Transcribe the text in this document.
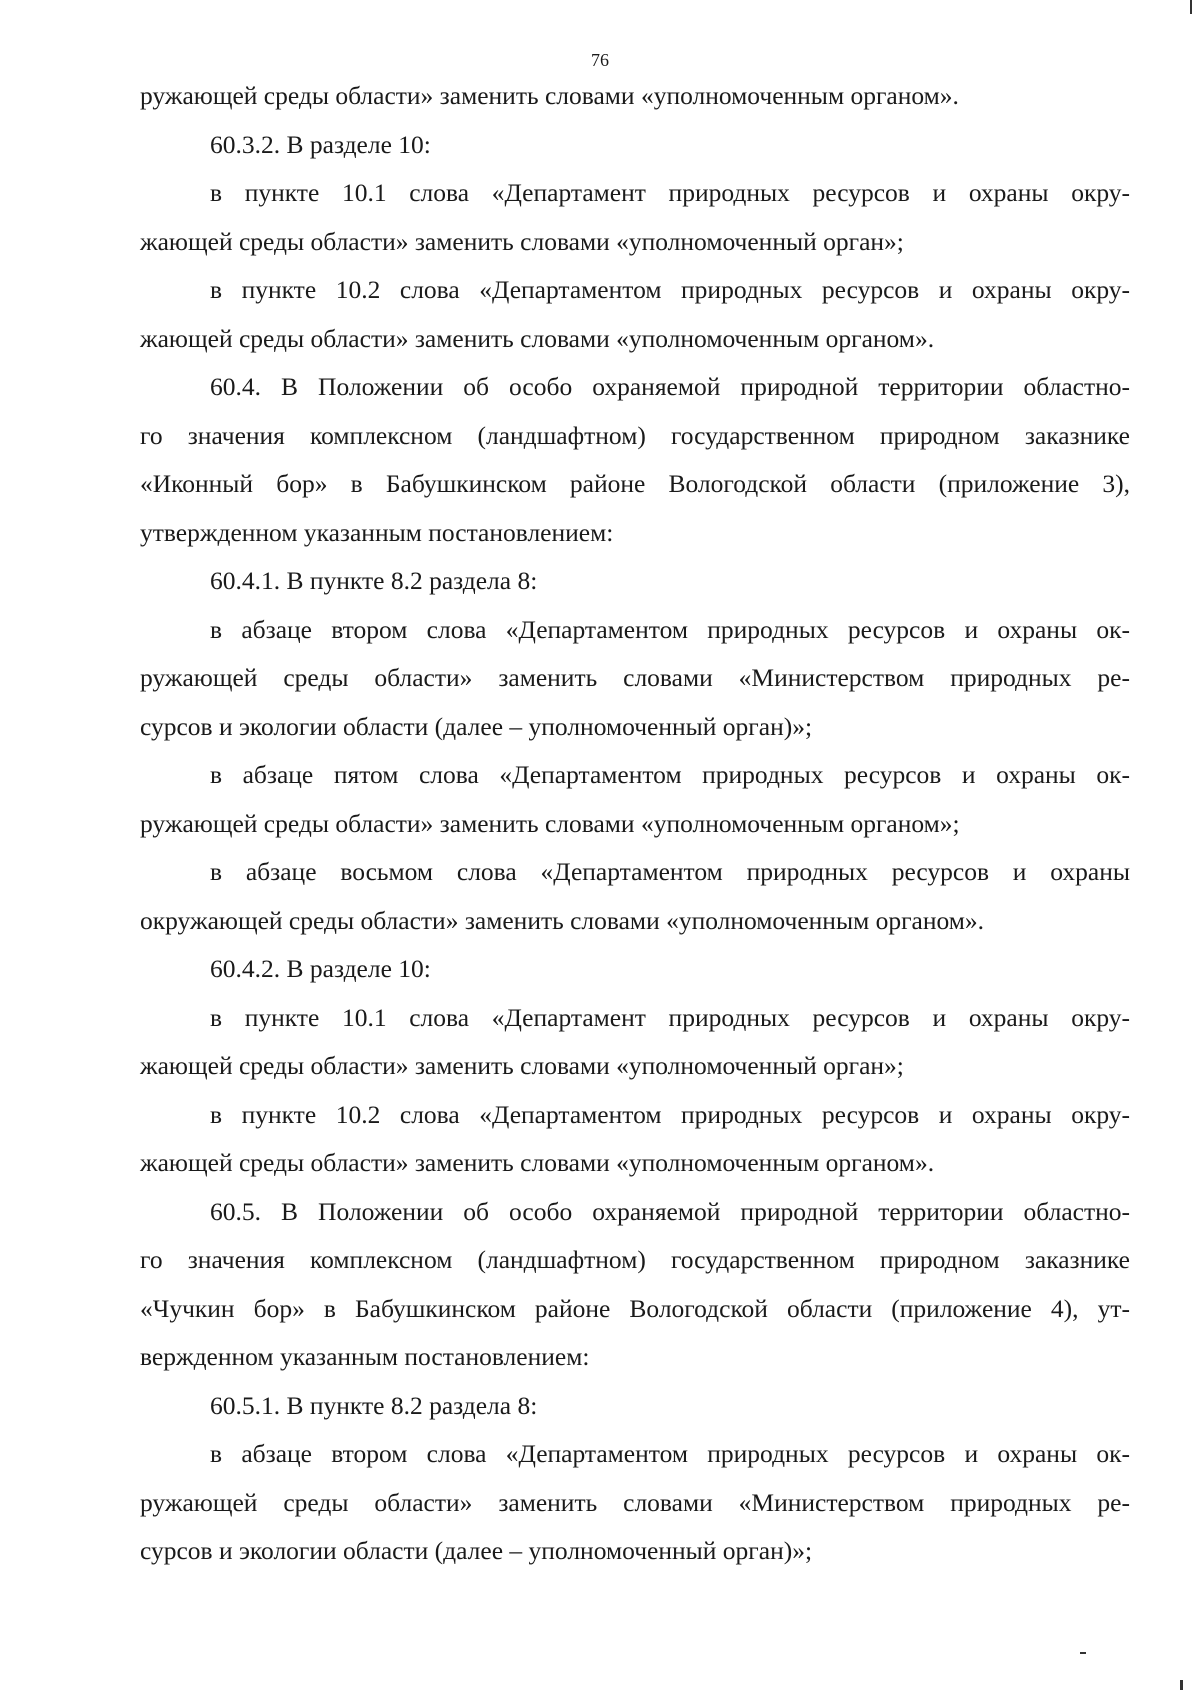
76

ружающей среды области» заменить словами «уполномоченным органом».

60.3.2. В разделе 10:

в пункте 10.1 слова «Департамент природных ресурсов и охраны окру-
жающей среды области» заменить словами «уполномоченный орган»;

в пункте 10.2 слова «Департаментом природных ресурсов и охраны окру-
жающей среды области» заменить словами «уполномоченным органом».

60.4. В Положении об особо охраняемой природной территории областно-
го значения комплексном (ландшафтном) государственном природном заказнике
«Иконный бор» в Бабушкинском районе Вологодской области (приложение 3),
утвержденном указанным постановлением:

60.4.1. В пункте 8.2 раздела 8:

в абзаце втором слова «Департаментом природных ресурсов и охраны ок-
ружающей среды области» заменить словами «Министерством природных ре-
сурсов и экологии области (далее – уполномоченный орган)»;

в абзаце пятом слова «Департаментом природных ресурсов и охраны ок-
ружающей среды области» заменить словами «уполномоченным органом»;

в абзаце восьмом слова «Департаментом природных ресурсов и охраны
окружающей среды области» заменить словами «уполномоченным органом».

60.4.2. В разделе 10:

в пункте 10.1 слова «Департамент природных ресурсов и охраны окру-
жающей среды области» заменить словами «уполномоченный орган»;

в пункте 10.2 слова «Департаментом природных ресурсов и охраны окру-
жающей среды области» заменить словами «уполномоченным органом».

60.5. В Положении об особо охраняемой природной территории областно-
го значения комплексном (ландшафтном) государственном природном заказнике
«Чучкин бор» в Бабушкинском районе Вологодской области (приложение 4), ут-
вержденном указанным постановлением:

60.5.1. В пункте 8.2 раздела 8:

в абзаце втором слова «Департаментом природных ресурсов и охраны ок-
ружающей среды области» заменить словами «Министерством природных ре-
сурсов и экологии области (далее – уполномоченный орган)»;
